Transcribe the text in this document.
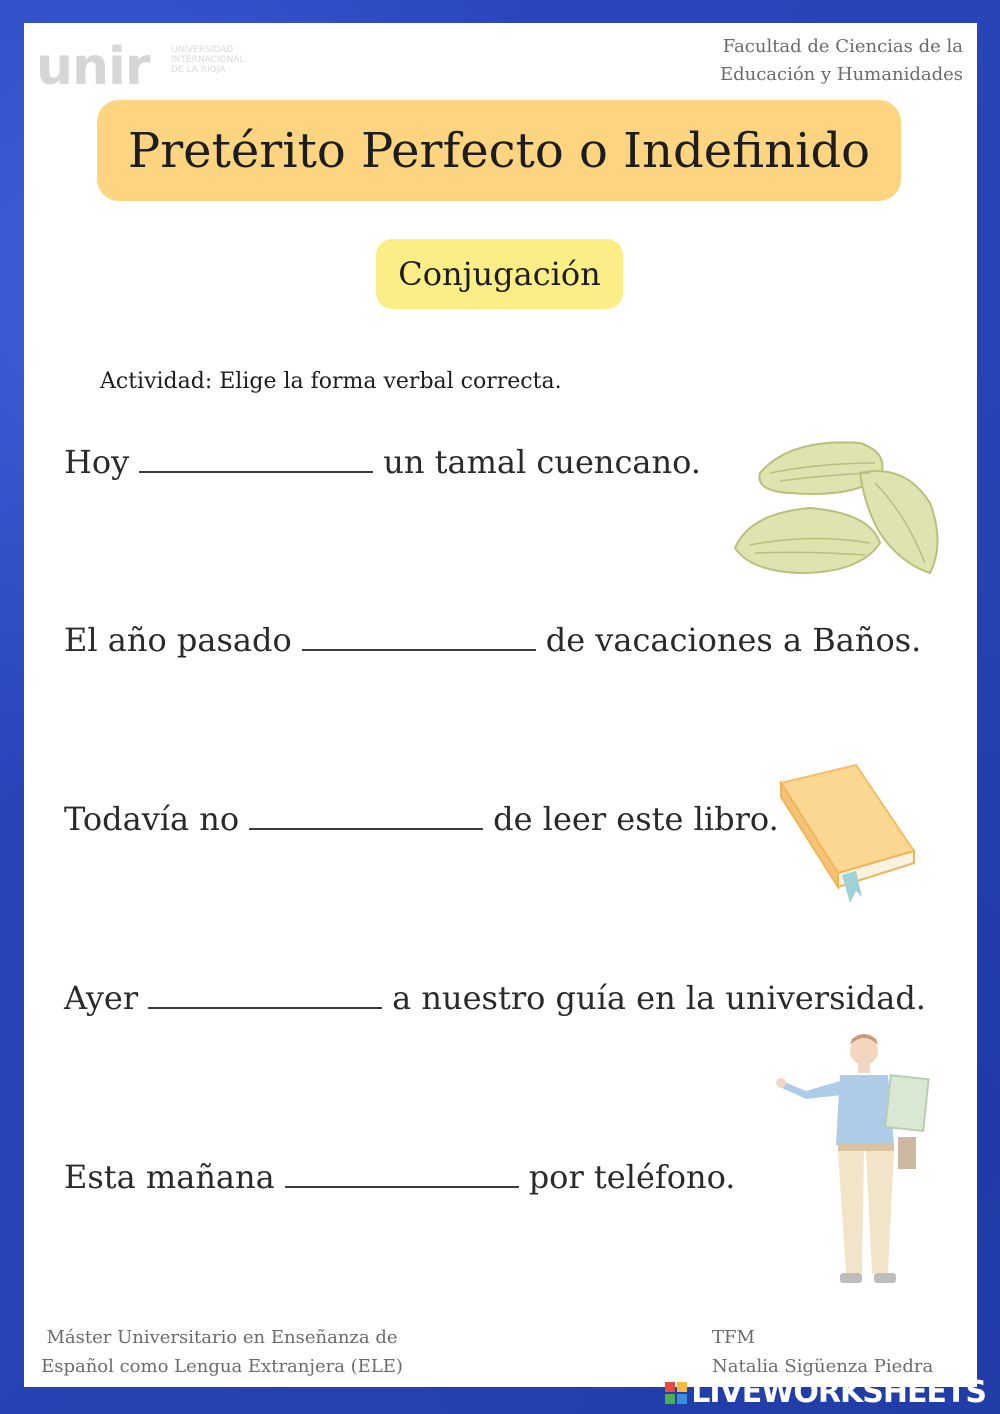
unir UNIVERSIDAD
INTERNACIONAL
DE LA RIOJA
Facultad de Ciencias de la
Educación y Humanidades
Pretérito Perfecto o Indefinido
Conjugación
Actividad: Elige la forma verbal correcta.
Hoy	un tamal cuencano.
El año pasado	de vacaciones a Baños.
Todavía no	de leer este libro.
Ayer	a nuestro guía en la universidad.
Esta mañana	por teléfono.
Máster Universitario en Enseñanza de
Español como Lengua Extranjera (ELE)
TFM
Natalia Sigüenza Piedra
LIVEWORKSHEETS
